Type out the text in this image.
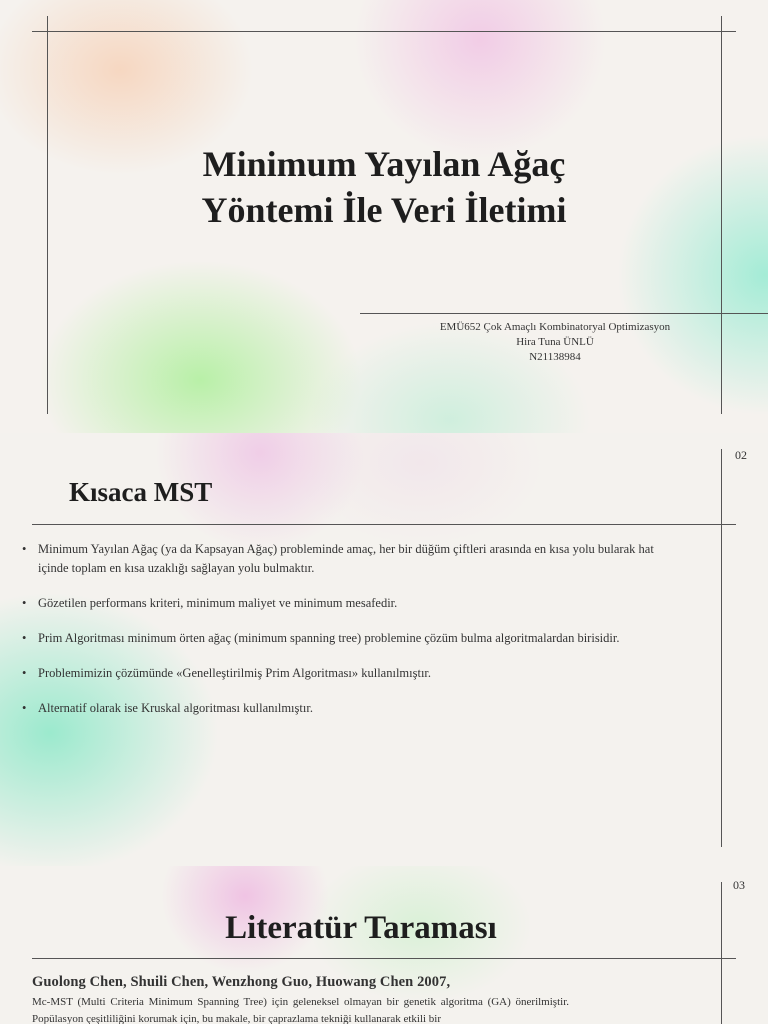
Minimum Yayılan Ağaç
Yöntemi İle Veri İletimi
EMÜ652 Çok Amaçlı Kombinatoryal Optimizasyon
Hira Tuna ÜNLÜ
N21138984
02
Kısaca MST
• Minimum Yayılan Ağaç (ya da Kapsayan Ağaç) probleminde amaç, her bir düğüm çiftleri arasında en kısa yolu bularak hat içinde toplam en kısa uzaklığı sağlayan yolu bulmaktır.
• Gözetilen performans kriteri, minimum maliyet ve minimum mesafedir.
• Prim Algoritması minimum örten ağaç (minimum spanning tree) problemine çözüm bulma algoritmalardan birisidir.
• Problemimizin çözümünde «Genelleştirilmiş Prim Algoritması» kullanılmıştır.
• Alternatif olarak ise Kruskal algoritması kullanılmıştır.
03
Literatür Taraması
Guolong Chen, Shuili Chen, Wenzhong Guo, Huowang Chen 2007,
Mc-MST (Multi Criteria Minimum Spanning Tree) için geleneksel olmayan bir genetik algoritma (GA) önerilmiştir. Popülasyon çeşitliliğini korumak için, bu makale, bir çaprazlama tekniği kullanarak etkili bir
